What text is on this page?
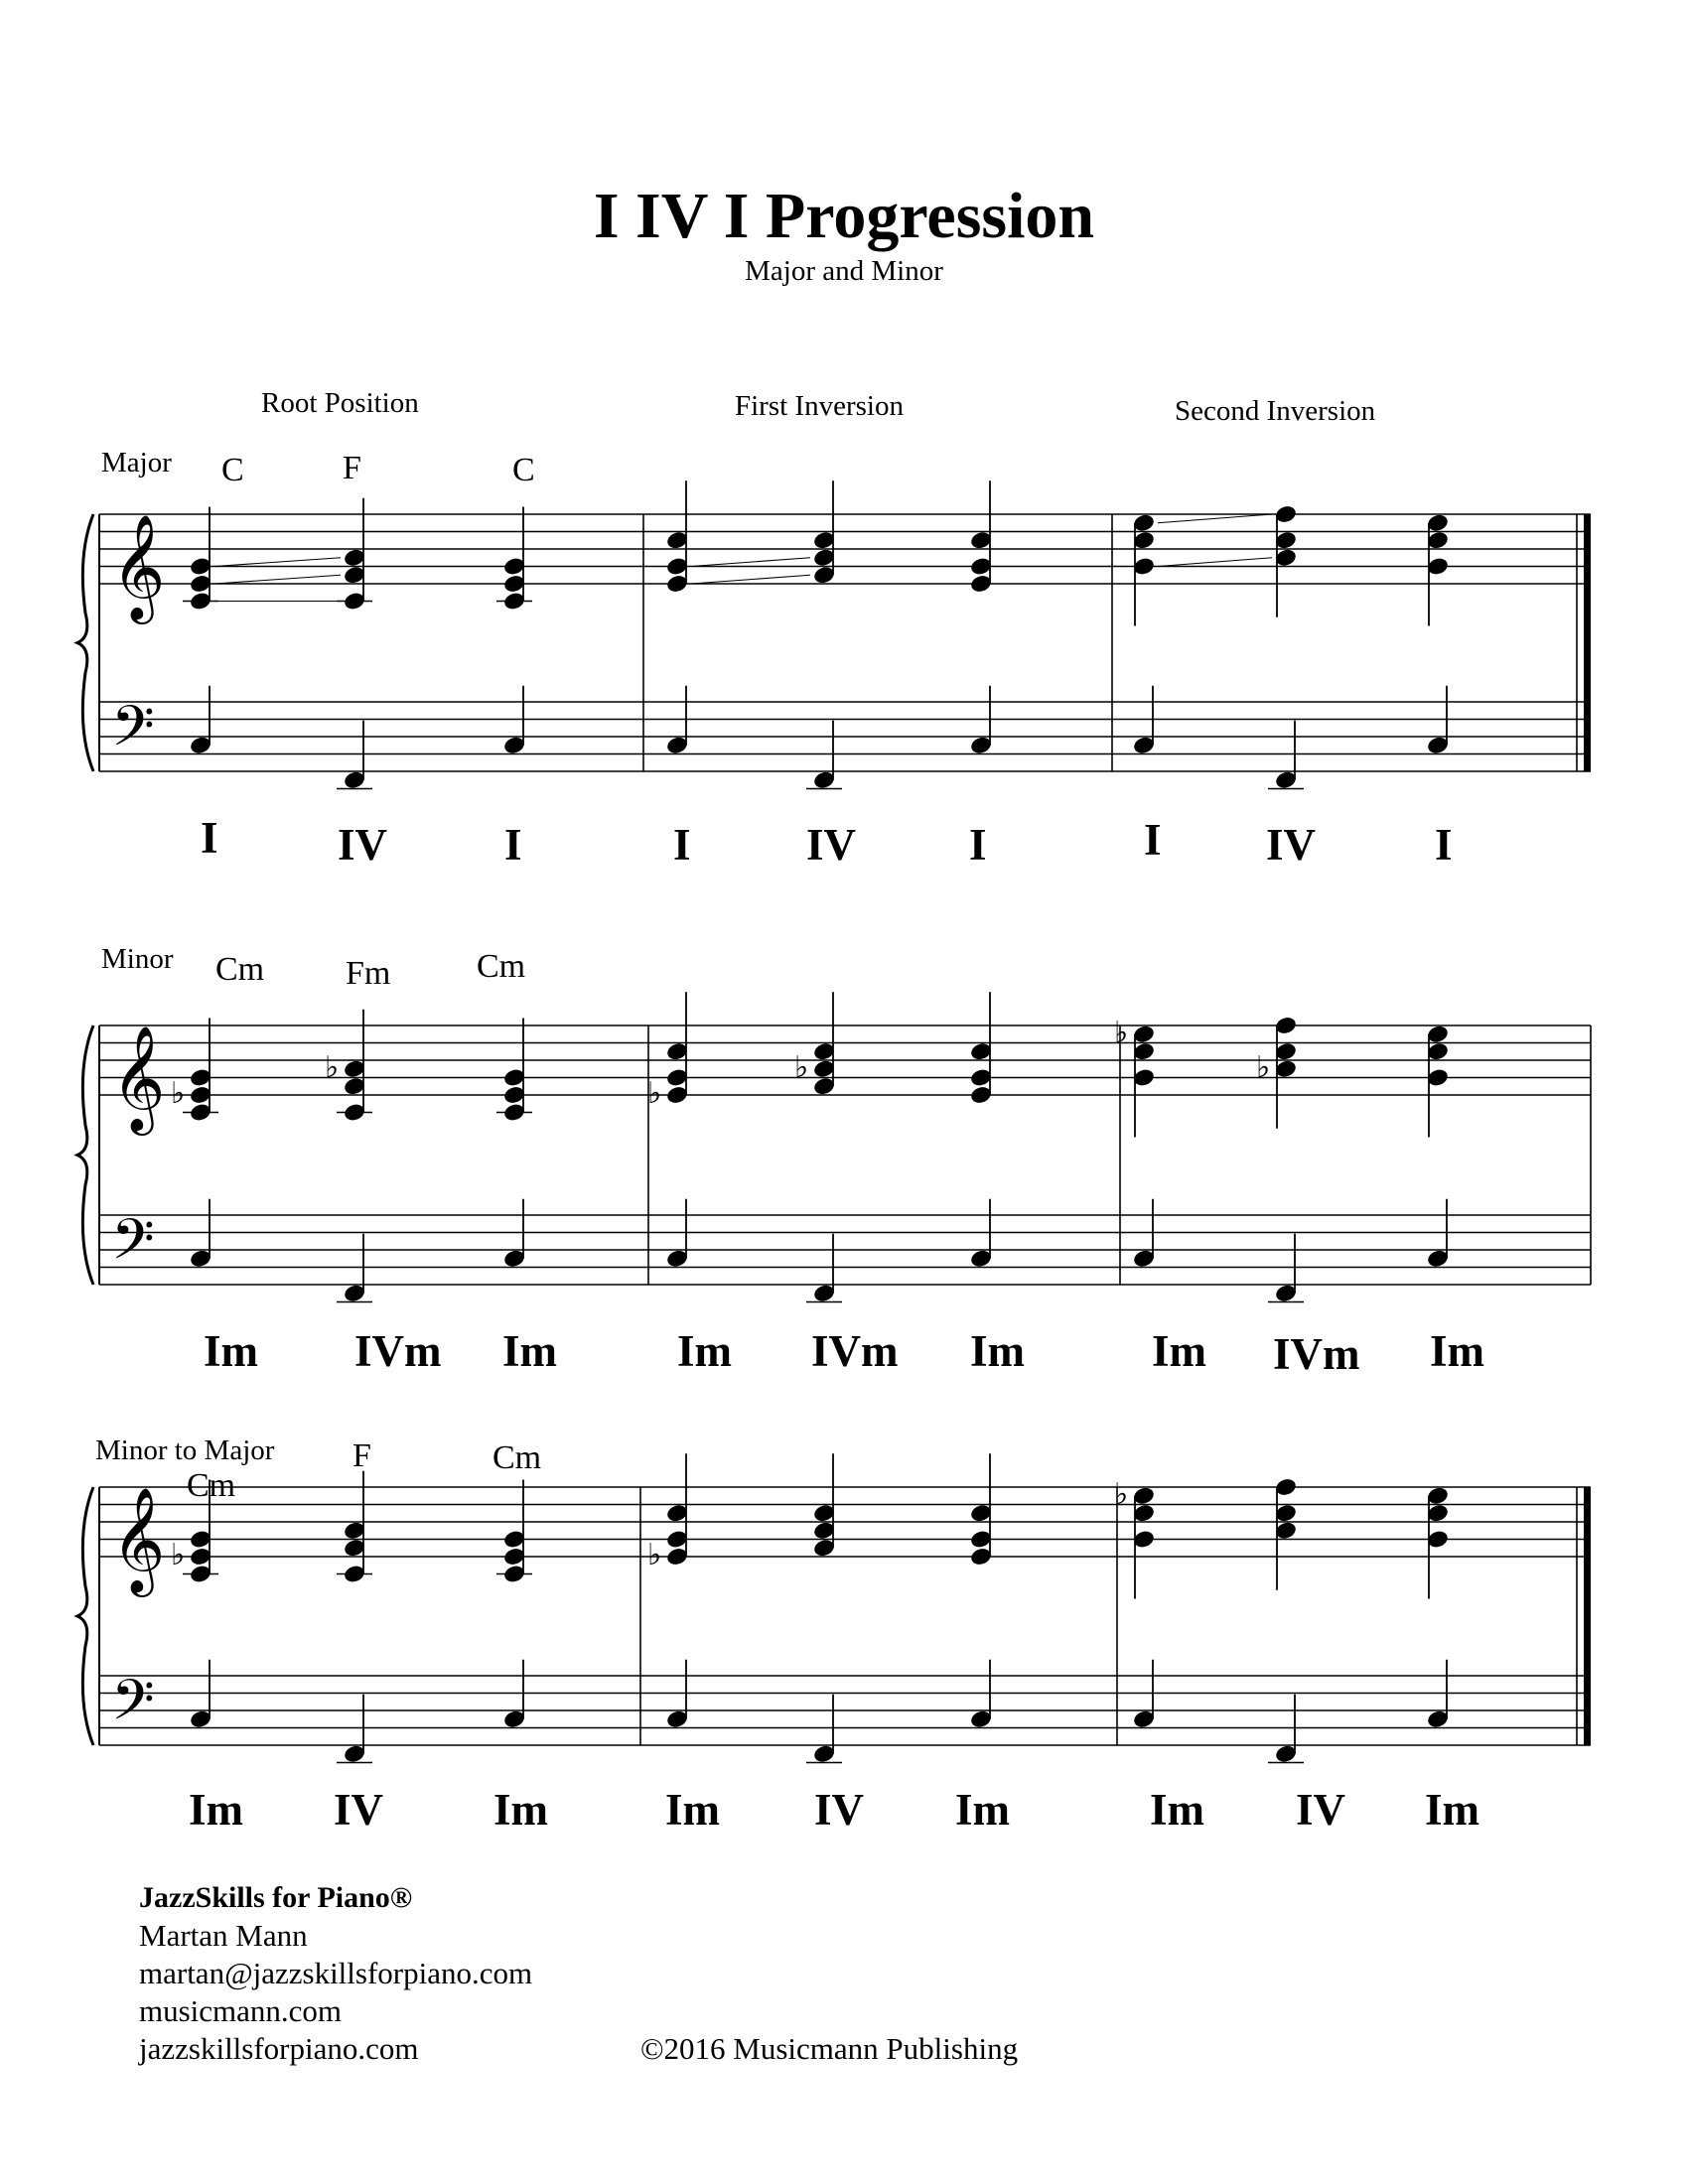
I IV I Progression
Major and Minor
Root Position	First Inversion	Second Inversion
Major C	F	C
I	IV	I	I	IV	I	I IV	I
Minor Cm Fm	Cm
Im IVm Im	Im IVm Im	Im IVm Im
Minor to Major
Cm
F	Cm
Im IV Im	Im IV Im	Im IV Im
JazzSkills for Piano®
Martan Mann
martan@jazzskillsforpiano.com
musicmann.com
jazzskillsforpiano.com	©2016 Musicmann Publishing
𝄞
𝄢
𝄞
𝄢
♭
♭
♭
♭
♭
♭
𝄞
𝄢
♭	♭
♭
